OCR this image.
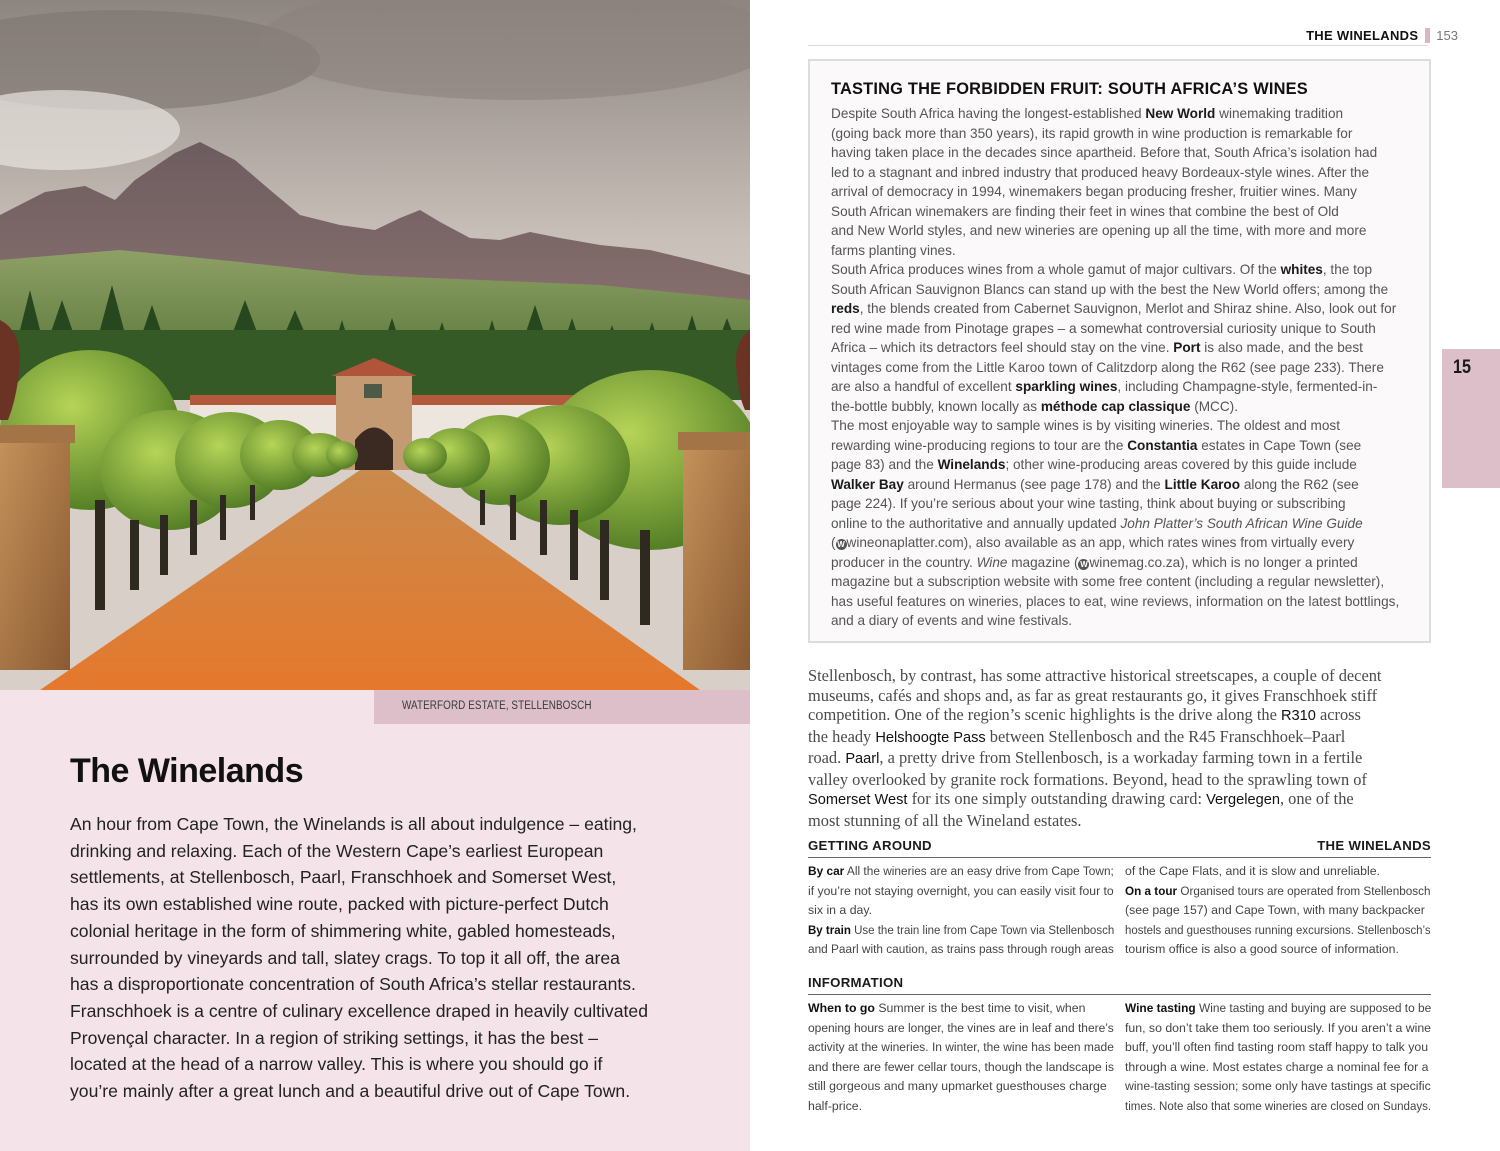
WATERFORD ESTATE, STELLENBOSCH
The Winelands
An hour from Cape Town, the Winelands is all about indulgence – eating,
drinking and relaxing. Each of the Western Cape’s earliest European
settlements, at Stellenbosch, Paarl, Franschhoek and Somerset West,
has its own established wine route, packed with picture-perfect Dutch
colonial heritage in the form of shimmering white, gabled homesteads,
surrounded by vineyards and tall, slatey crags. To top it all off, the area
has a disproportionate concentration of South Africa’s stellar restaurants.
Franschhoek is a centre of culinary excellence draped in heavily cultivated
Provençal character. In a region of striking settings, it has the best –
located at the head of a narrow valley. This is where you should go if
you’re mainly after a great lunch and a beautiful drive out of Cape Town.
THE WINELANDS 153
TASTING THE FORBIDDEN FRUIT: SOUTH AFRICA’S WINES
Despite South Africa having the longest-established New World winemaking tradition
(going back more than 350 years), its rapid growth in wine production is remarkable for
having taken place in the decades since apartheid. Before that, South Africa’s isolation had
led to a stagnant and inbred industry that produced heavy Bordeaux-style wines. After the
arrival of democracy in 1994, winemakers began producing fresher, fruitier wines. Many
South African winemakers are finding their feet in wines that combine the best of Old
and New World styles, and new wineries are opening up all the time, with more and more
farms planting vines.
South Africa produces wines from a whole gamut of major cultivars. Of the whites, the top
South African Sauvignon Blancs can stand up with the best the New World offers; among the
reds, the blends created from Cabernet Sauvignon, Merlot and Shiraz shine. Also, look out for
red wine made from Pinotage grapes – a somewhat controversial curiosity unique to South
Africa – which its detractors feel should stay on the vine. Port is also made, and the best
vintages come from the Little Karoo town of Calitzdorp along the R62 (see page 233). There
are also a handful of excellent sparkling wines, including Champagne-style, fermented-in-
the-bottle bubbly, known locally as méthode cap classique (MCC).
The most enjoyable way to sample wines is by visiting wineries. The oldest and most
rewarding wine-producing regions to tour are the Constantia estates in Cape Town (see
page 83) and the Winelands; other wine-producing areas covered by this guide include
Walker Bay around Hermanus (see page 178) and the Little Karoo along the R62 (see
page 224). If you’re serious about your wine tasting, think about buying or subscribing
online to the authoritative and annually updated John Platter’s South African Wine Guide
( W wineonaplatter.com), also available as an app, which rates wines from virtually every
producer in the country. Wine magazine ( W winemag.co.za), which is no longer a printed
magazine but a subscription website with some free content (including a regular newsletter),
has useful features on wineries, places to eat, wine reviews, information on the latest bottlings,
and a diary of events and wine festivals.
Stellenbosch, by contrast, has some attractive historical streetscapes, a couple of decent
museums, cafés and shops and, as far as great restaurants go, it gives Franschhoek stiff
competition. One of the region’s scenic highlights is the drive along the R310 across
the heady Helshoogte Pass between Stellenbosch and the R45 Franschhoek–Paarl
road. Paarl, a pretty drive from Stellenbosch, is a workaday farming town in a fertile
valley overlooked by granite rock formations. Beyond, head to the sprawling town of
Somerset West for its one simply outstanding drawing card: Vergelegen, one of the
most stunning of all the Wineland estates.
GETTING AROUND	THE WINELANDS
By car All the wineries are an easy drive from Cape Town;
if you’re not staying overnight, you can easily visit four to
six in a day.
By train Use the train line from Cape Town via Stellenbosch
and Paarl with caution, as trains pass through rough areas
of the Cape Flats, and it is slow and unreliable.
On a tour Organised tours are operated from Stellenbosch
(see page 157) and Cape Town, with many backpacker
hostels and guesthouses running excursions. Stellenbosch’s
tourism office is also a good source of information.
INFORMATION
When to go Summer is the best time to visit, when
opening hours are longer, the vines are in leaf and there’s
activity at the wineries. In winter, the wine has been made
and there are fewer cellar tours, though the landscape is
still gorgeous and many upmarket guesthouses charge
half-price.
Wine tasting Wine tasting and buying are supposed to be
fun, so don’t take them too seriously. If you aren’t a wine
buff, you’ll often find tasting room staff happy to talk you
through a wine. Most estates charge a nominal fee for a
wine-tasting session; some only have tastings at specific
times. Note also that some wineries are closed on Sundays.
15
